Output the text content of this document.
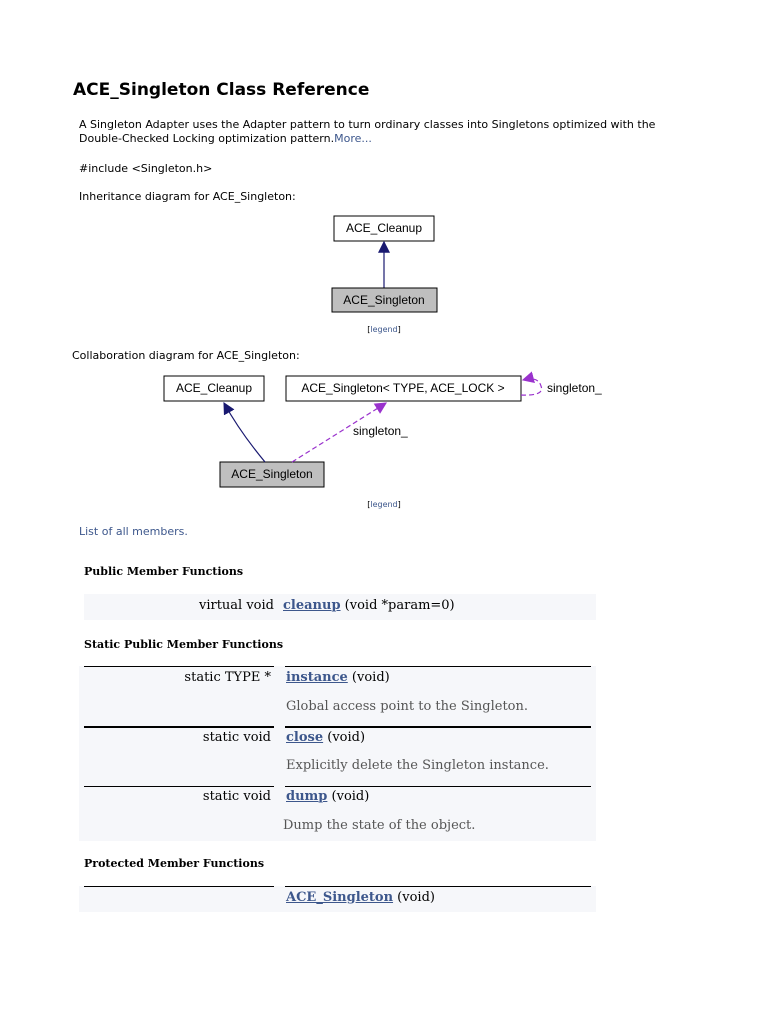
ACE_Singleton Class Reference
A Singleton Adapter uses the Adapter pattern to turn ordinary classes into Singletons optimized with the Double-Checked Locking optimization pattern.More...
#include <Singleton.h>
Inheritance diagram for ACE_Singleton:
ACE_Cleanup
ACE_Singleton
[legend]
ACE_Cleanup	ACE_Singleton< TYPE, ACE_LOCK >
ACE_Singleton
singleton_
singleton_
[legend]
Collaboration diagram for ACE_Singleton:
List of all members.
Public Member Functions
virtual void cleanup (void *param=0)
Static Public Member Functions
static TYPE * instance (void)
Global access point to the Singleton.
static void close (void)
Explicitly delete the Singleton instance.
static void dump (void)
Dump the state of the object.
Protected Member Functions
ACE_Singleton (void)
